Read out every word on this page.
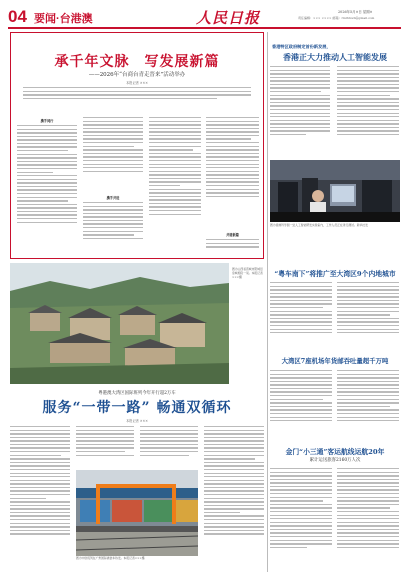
04 要闻·台港澳	人民日报	2026年5月×日 星期×
责任编辑：××× ×××× 邮箱：rmrbhwb@gmail.com
承千年文脉　写发展新篇
——2026年“台商台青走晋来”活动举办
本报记者 ×××
携手同行
携手共进
共谱新篇
香港特区政府制定首份新发展，
香港正大力推动人工智能发展
图为香港科学园一处人工智能研发实验室内，工作人员正在进行测试。新华社发
“粤车南下”将推广至大湾区9个内地城市
大湾区7座机场年货邮吞吐量超千万吨
金门“小三通”客运航线运航20年
累计运送旅客2160万人次
图为山西省晋城市阳城县皇城相府一景。本报记者×××摄
粤港澳大湾区国际班列今年开行超2万车
服务“一带一路” 畅通双循环
本报记者 ×××
图为中欧班列在广州国际港装车待发。本报记者×××摄
